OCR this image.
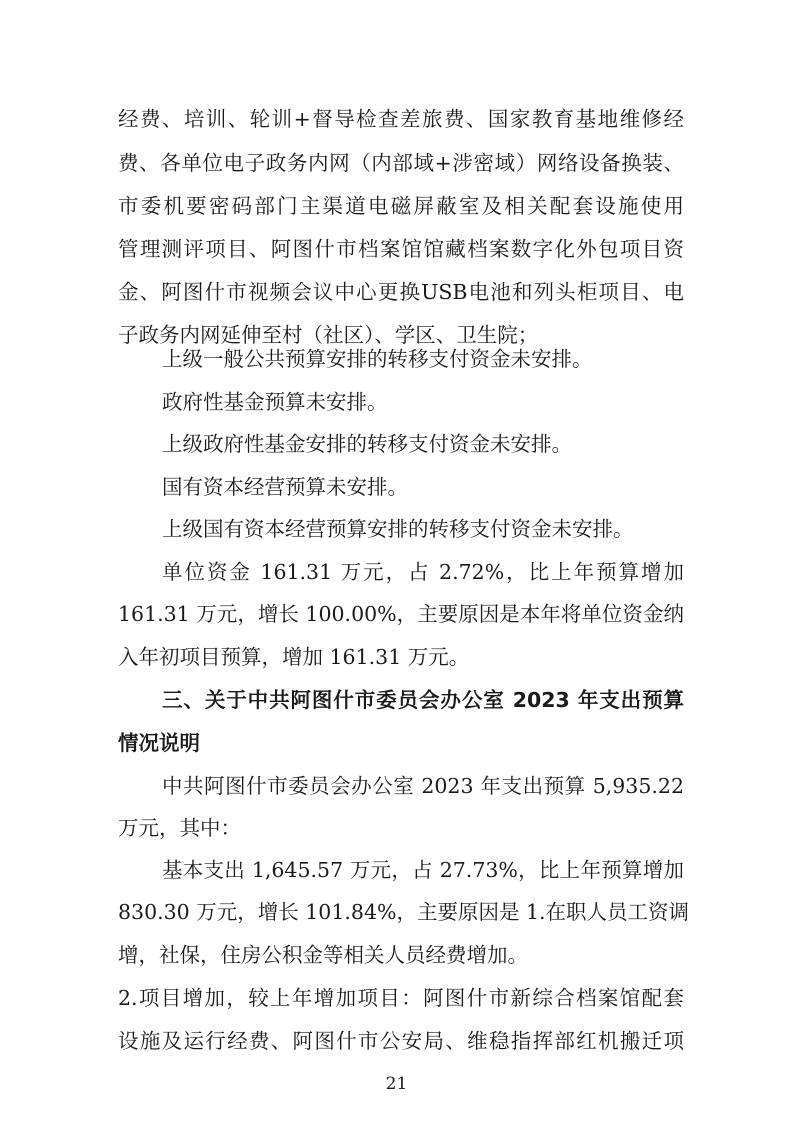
经费、培训、轮训+督导检查差旅费、国家教育基地维修经
费、各单位电子政务内网（内部域+涉密域）网络设备换装、
市委机要密码部门主渠道电磁屏蔽室及相关配套设施使用
管理测评项目、阿图什市档案馆馆藏档案数字化外包项目资
金、阿图什市视频会议中心更换USB电池和列头柜项目、电
子政务内网延伸至村（社区）、学区、卫生院；
上级一般公共预算安排的转移支付资金未安排。
政府性基金预算未安排。
上级政府性基金安排的转移支付资金未安排。
国有资本经营预算未安排。
上级国有资本经营预算安排的转移支付资金未安排。
单位资金 161.31 万元，占 2.72%，比上年预算增加
161.31 万元，增长 100.00%，主要原因是本年将单位资金纳
入年初项目预算，增加 161.31 万元。
三、关于中共阿图什市委员会办公室 2023 年支出预算
情况说明
中共阿图什市委员会办公室 2023 年支出预算 5,935.22
万元，其中：
基本支出 1,645.57 万元，占 27.73%，比上年预算增加
830.30 万元，增长 101.84%，主要原因是 1.在职人员工资调
增，社保，住房公积金等相关人员经费增加。
2.项目增加，较上年增加项目：阿图什市新综合档案馆配套
设施及运行经费、阿图什市公安局、维稳指挥部红机搬迁项
21
